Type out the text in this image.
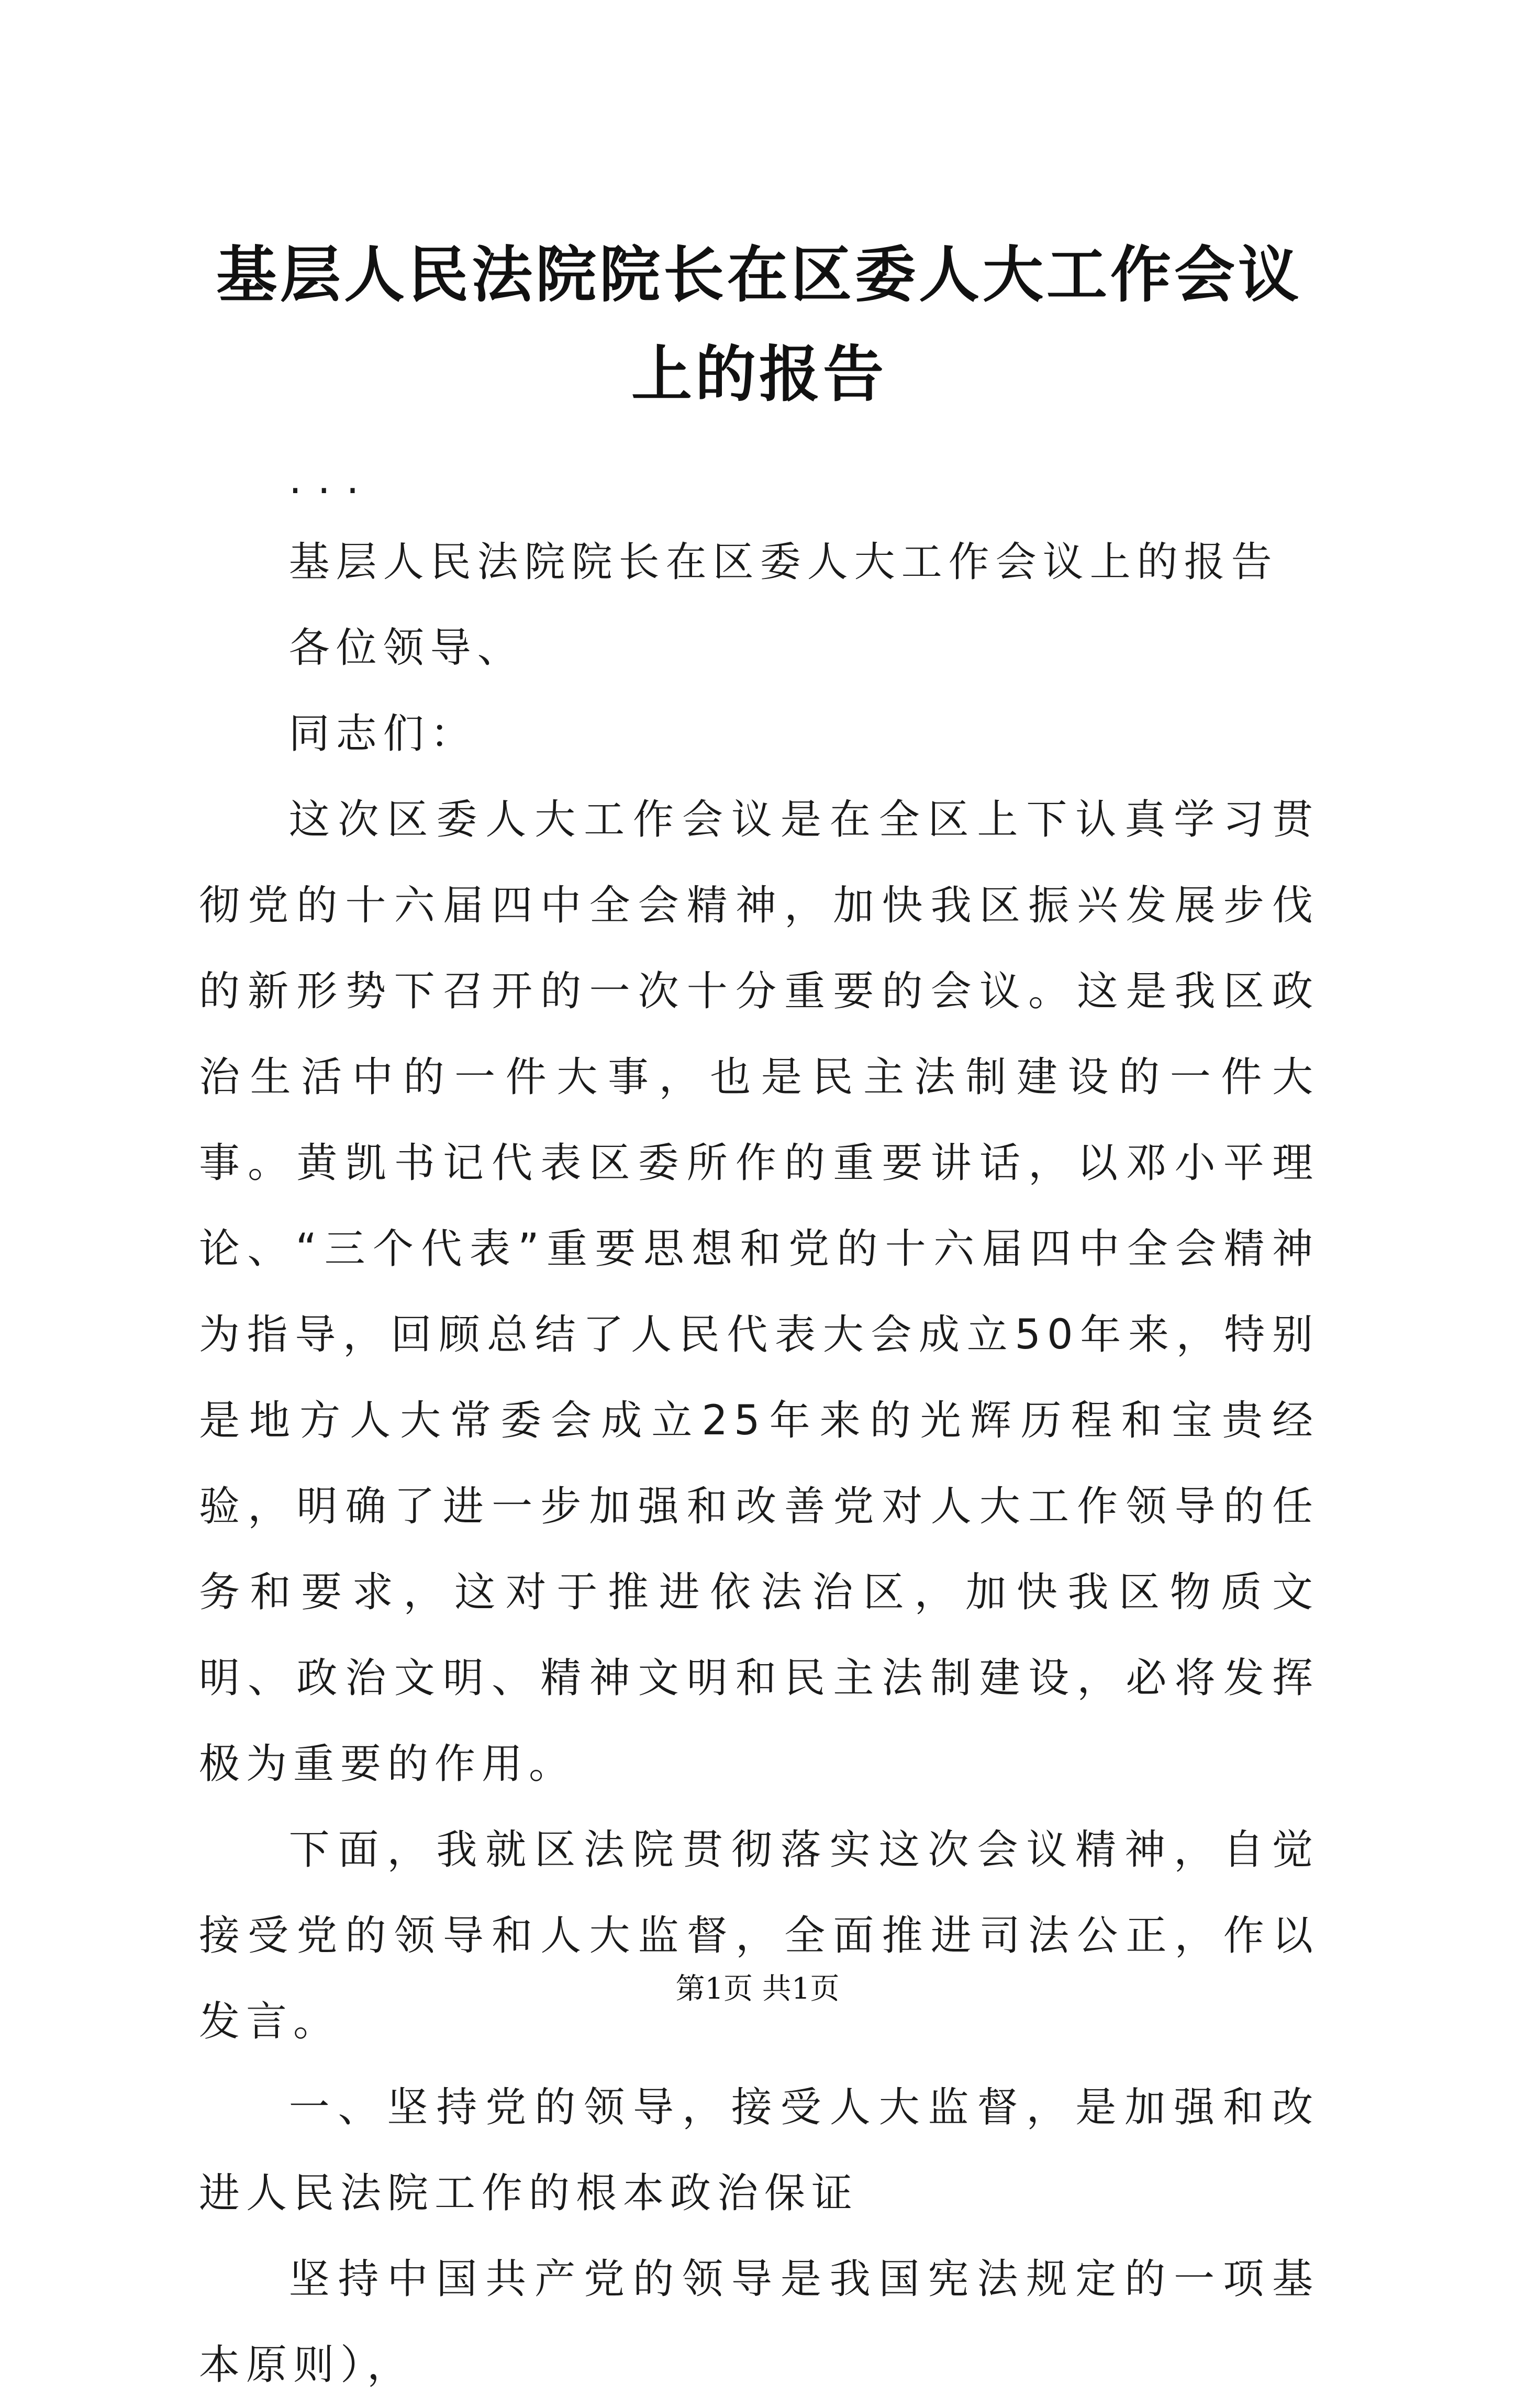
基层人民法院院长在区委人大工作会议上的报告

...

基层人民法院院长在区委人大工作会议上的报告

各位领导、

同志们：

这次区委人大工作会议是在全区上下认真学习贯彻党的十六届四中全会精神，加快我区振兴发展步伐的新形势下召开的一次十分重要的会议。这是我区政治生活中的一件大事，也是民主法制建设的一件大事。黄凯书记代表区委所作的重要讲话，以邓小平理论、“三个代表”重要思想和党的十六届四中全会精神为指导，回顾总结了人民代表大会成立50年来，特别是地方人大常委会成立25年来的光辉历程和宝贵经验，明确了进一步加强和改善党对人大工作领导的任务和要求，这对于推进依法治区，加快我区物质文明、政治文明、精神文明和民主法制建设，必将发挥极为重要的作用。

下面，我就区法院贯彻落实这次会议精神，自觉接受党的领导和人大监督，全面推进司法公正，作以发言。

一、坚持党的领导，接受人大监督，是加强和改进人民法院工作的根本政治保证

坚持中国共产党的领导是我国宪法规定的一项基本原则），

第1页 共1页
